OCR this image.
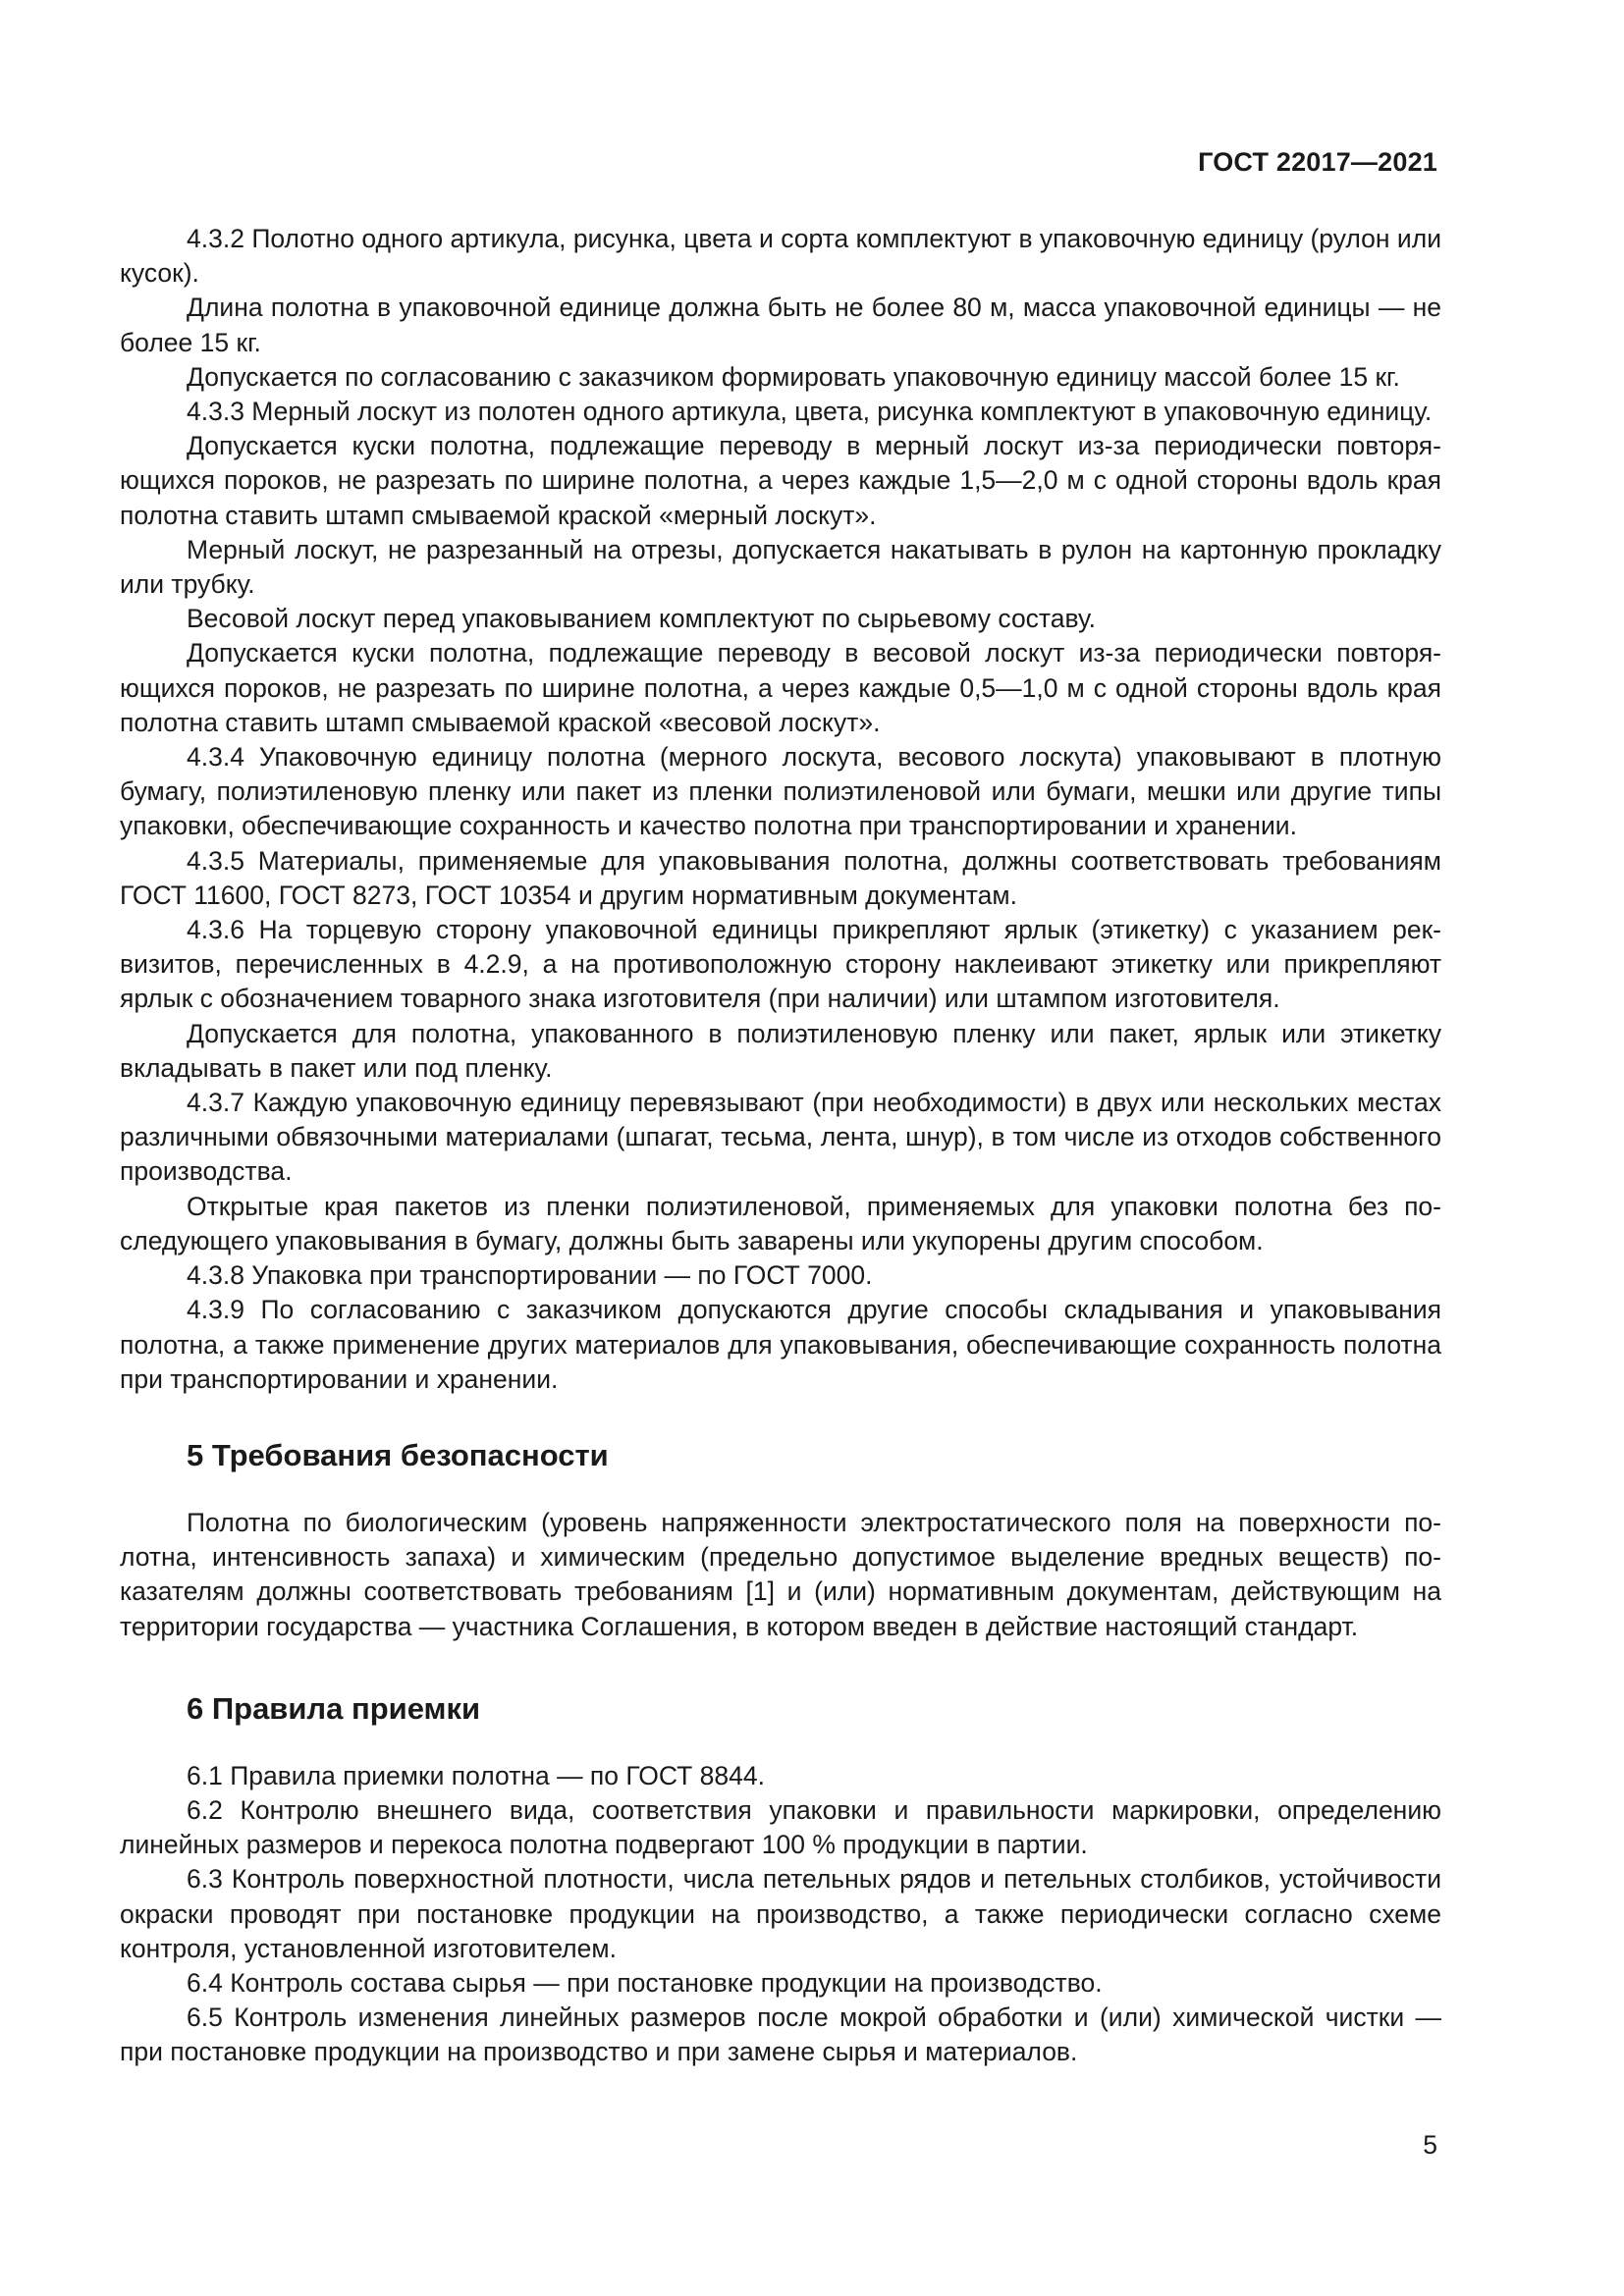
ГОСТ 22017—2021

4.3.2 Полотно одного артикула, рисунка, цвета и сорта комплектуют в упаковочную единицу (рулон или кусок).

Длина полотна в упаковочной единице должна быть не более 80 м, масса упаковочной единицы — не более 15 кг.

Допускается по согласованию с заказчиком формировать упаковочную единицу массой более 15 кг.

4.3.3 Мерный лоскут из полотен одного артикула, цвета, рисунка комплектуют в упаковочную единицу.

Допускается куски полотна, подлежащие переводу в мерный лоскут из-за периодически повторяющихся пороков, не разрезать по ширине полотна, а через каждые 1,5—2,0 м с одной стороны вдоль края полотна ставить штамп смываемой краской «мерный лоскут».

Мерный лоскут, не разрезанный на отрезы, допускается накатывать в рулон на картонную прокладку или трубку.

Весовой лоскут перед упаковыванием комплектуют по сырьевому составу.

Допускается куски полотна, подлежащие переводу в весовой лоскут из-за периодически повторяющихся пороков, не разрезать по ширине полотна, а через каждые 0,5—1,0 м с одной стороны вдоль края полотна ставить штамп смываемой краской «весовой лоскут».

4.3.4 Упаковочную единицу полотна (мерного лоскута, весового лоскута) упаковывают в плотную бумагу, полиэтиленовую пленку или пакет из пленки полиэтиленовой или бумаги, мешки или другие типы упаковки, обеспечивающие сохранность и качество полотна при транспортировании и хранении.

4.3.5 Материалы, применяемые для упаковывания полотна, должны соответствовать требованиям ГОСТ 11600, ГОСТ 8273, ГОСТ 10354 и другим нормативным документам.

4.3.6 На торцевую сторону упаковочной единицы прикрепляют ярлык (этикетку) с указанием реквизитов, перечисленных в 4.2.9, а на противоположную сторону наклеивают этикетку или прикрепляют ярлык с обозначением товарного знака изготовителя (при наличии) или штампом изготовителя.

Допускается для полотна, упакованного в полиэтиленовую пленку или пакет, ярлык или этикетку вкладывать в пакет или под пленку.

4.3.7 Каждую упаковочную единицу перевязывают (при необходимости) в двух или нескольких местах различными обвязочными материалами (шпагат, тесьма, лента, шнур), в том числе из отходов собственного производства.

Открытые края пакетов из пленки полиэтиленовой, применяемых для упаковки полотна без последующего упаковывания в бумагу, должны быть заварены или укупорены другим способом.

4.3.8 Упаковка при транспортировании — по ГОСТ 7000.

4.3.9 По согласованию с заказчиком допускаются другие способы складывания и упаковывания полотна, а также применение других материалов для упаковывания, обеспечивающие сохранность полотна при транспортировании и хранении.

5 Требования безопасности

Полотна по биологическим (уровень напряженности электростатического поля на поверхности полотна, интенсивность запаха) и химическим (предельно допустимое выделение вредных веществ) показателям должны соответствовать требованиям [1] и (или) нормативным документам, действующим на территории государства — участника Соглашения, в котором введен в действие настоящий стандарт.

6 Правила приемки

6.1 Правила приемки полотна — по ГОСТ 8844.

6.2 Контролю внешнего вида, соответствия упаковки и правильности маркировки, определению линейных размеров и перекоса полотна подвергают 100 % продукции в партии.

6.3 Контроль поверхностной плотности, числа петельных рядов и петельных столбиков, устойчивости окраски проводят при постановке продукции на производство, а также периодически согласно схеме контроля, установленной изготовителем.

6.4 Контроль состава сырья — при постановке продукции на производство.

6.5 Контроль изменения линейных размеров после мокрой обработки и (или) химической чистки — при постановке продукции на производство и при замене сырья и материалов.

5
